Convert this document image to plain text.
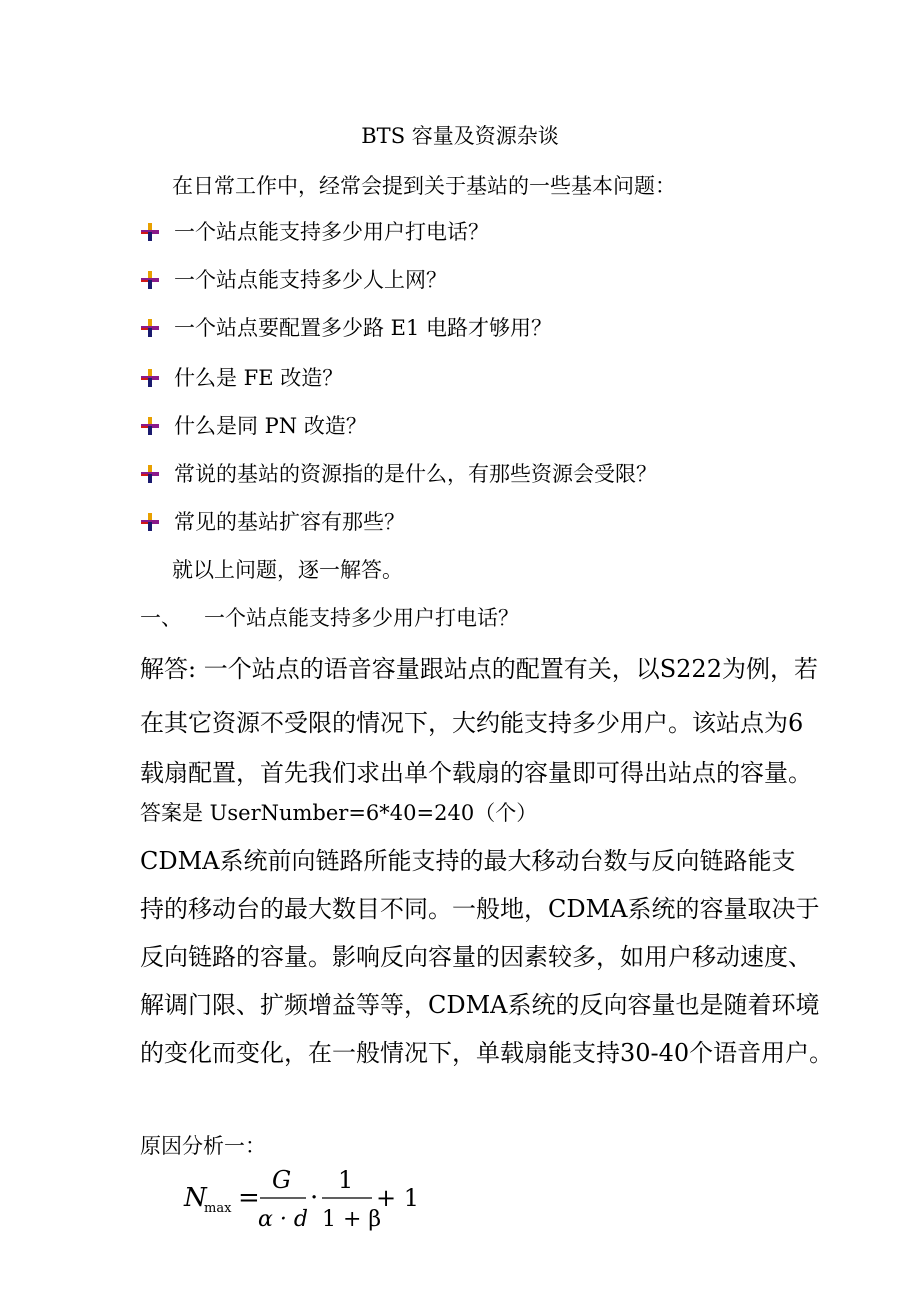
BTS 容量及资源杂谈
在日常工作中，经常会提到关于基站的一些基本问题：
一个站点能支持多少用户打电话？
一个站点能支持多少人上网？
一个站点要配置多少路 E1 电路才够用？
什么是 FE 改造？
什么是同 PN 改造？
常说的基站的资源指的是什么，有那些资源会受限？
常见的基站扩容有那些？
就以上问题，逐一解答。
一、 一个站点能支持多少用户打电话？
解答: 一个站点的语音容量跟站点的配置有关，以S222为例，若
在其它资源不受限的情况下，大约能支持多少用户。该站点为6
载扇配置，首先我们求出单个载扇的容量即可得出站点的容量。
答案是 UserNumber=6*40=240（个）
CDMA系统前向链路所能支持的最大移动台数与反向链路能支
持的移动台的最大数目不同。一般地，CDMA系统的容量取决于
反向链路的容量。影响反向容量的因素较多，如用户移动速度、
解调门限、扩频增益等等，CDMA系统的反向容量也是随着环境
的变化而变化，在一般情况下，单载扇能支持30-40个语音用户。
原因分析一：
N
max =
G
α · d
·
1
1 + β
+ 1
